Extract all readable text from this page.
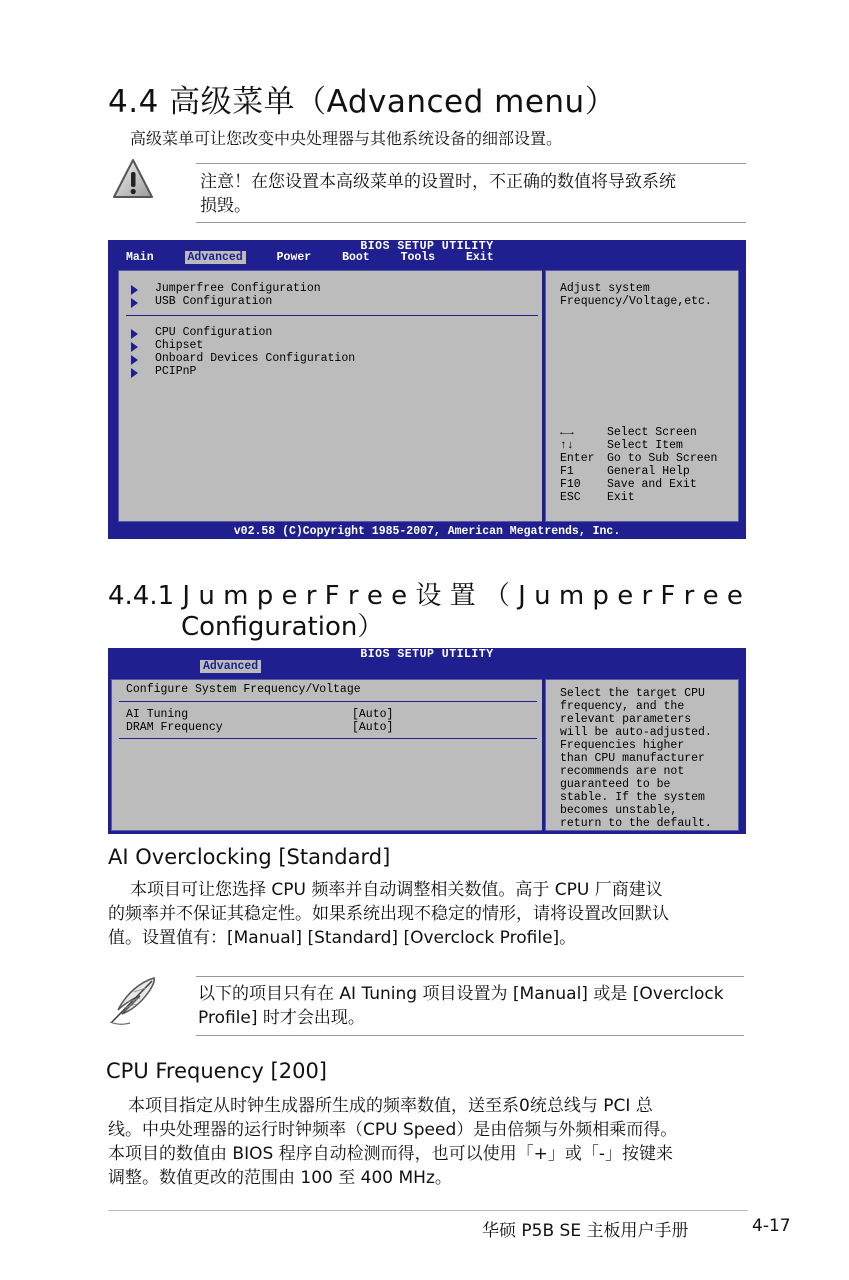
4.4 高级菜单（Advanced menu）
高级菜单可让您改变中央处理器与其他系统设备的细部设置。
注意！在您设置本高级菜单的设置时，不正确的数值将导致系统
损毁。
BIOS SETUP UTILITY
Main	Advanced	Power	Boot	Tools	Exit
Jumperfree Configuration
USB Configuration
CPU Configuration
Chipset
Onboard Devices Configuration
PCIPnP
Adjust system
Frequency/Voltage,etc.
←→	Select Screen
↑↓	Select Item
Enter Go to Sub Screen
F1	General Help
F10 Save and Exit
ESC Exit
v02.58 (C)Copyright 1985-2007, American Megatrends, Inc.
4.4.1 J u m p e r F r e e 设 置 （ J u m p e r F r e e
Configuration）
BIOS SETUP UTILITY
Advanced
Configure System Frequency/Voltage
AI Tuning	[Auto]
DRAM Frequency	[Auto]
Select the target CPU
frequency, and the
relevant parameters
will be auto-adjusted.
Frequencies higher
than CPU manufacturer
recommends are not
guaranteed to be
stable. If the system
becomes unstable,
return to the default.
AI Overclocking [Standard]
本项目可让您选择 CPU 频率并自动调整相关数值。高于 CPU 厂商建议
的频率并不保证其稳定性。如果系统出现不稳定的情形，请将设置改回默认
值。设置值有：[Manual] [Standard] [Overclock Profile]。
以下的项目只有在 AI Tuning 项目设置为 [Manual] 或是 [Overclock
Profile] 时才会出现。
CPU Frequency [200]
本项目指定从时钟生成器所生成的频率数值，送至系0统总线与 PCI 总
线。中央处理器的运行时钟频率（CPU Speed）是由倍频与外频相乘而得。
本项目的数值由 BIOS 程序自动检测而得，也可以使用「+」或「-」按键来
调整。数值更改的范围由 100 至 400 MHz。
华硕 P5B SE 主板用户手册	4-17
